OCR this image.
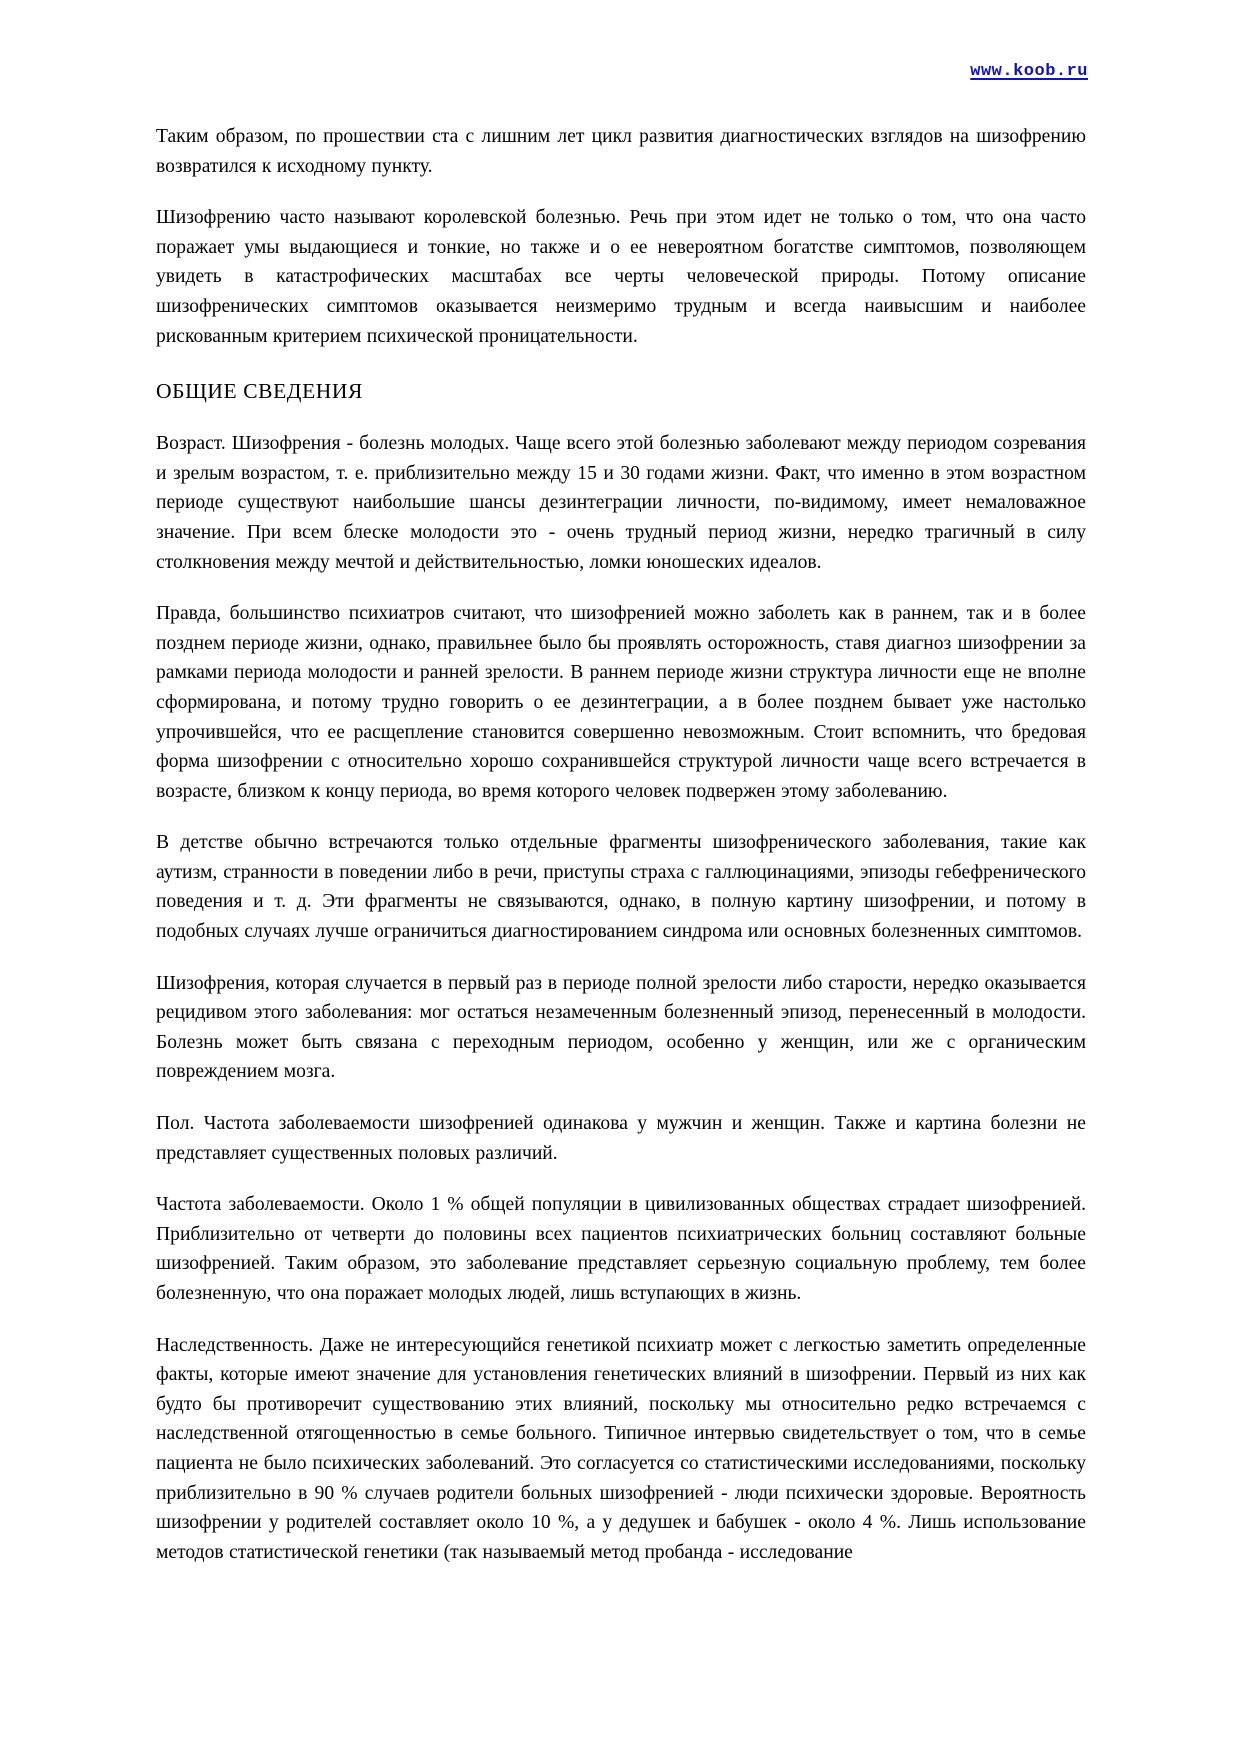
www.koob.ru

Таким образом, по прошествии ста с лишним лет цикл развития диагностических взглядов на шизофрению возвратился к исходному пункту.

Шизофрению часто называют королевской болезнью. Речь при этом идет не только о том, что она часто поражает умы выдающиеся и тонкие, но также и о ее невероятном богатстве симптомов, позволяющем увидеть в катастрофических масштабах все черты человеческой природы. Потому описание шизофренических симптомов оказывается неизмеримо трудным и всегда наивысшим и наиболее рискованным критерием психической проницательности.

ОБЩИЕ СВЕДЕНИЯ

Возраст. Шизофрения - болезнь молодых. Чаще всего этой болезнью заболевают между периодом созревания и зрелым возрастом, т. е. приблизительно между 15 и 30 годами жизни. Факт, что именно в этом возрастном периоде существуют наибольшие шансы дезинтеграции личности, по-видимому, имеет немаловажное значение. При всем блеске молодости это - очень трудный период жизни, нередко трагичный в силу столкновения между мечтой и действительностью, ломки юношеских идеалов.

Правда, большинство психиатров считают, что шизофренией можно заболеть как в раннем, так и в более позднем периоде жизни, однако, правильнее было бы проявлять осторожность, ставя диагноз шизофрении за рамками периода молодости и ранней зрелости. В раннем периоде жизни структура личности еще не вполне сформирована, и потому трудно говорить о ее дезинтеграции, а в более позднем бывает уже настолько упрочившейся, что ее расщепление становится совершенно невозможным. Стоит вспомнить, что бредовая форма шизофрении с относительно хорошо сохранившейся структурой личности чаще всего встречается в возрасте, близком к концу периода, во время которого человек подвержен этому заболеванию.

В детстве обычно встречаются только отдельные фрагменты шизофренического заболевания, такие как аутизм, странности в поведении либо в речи, приступы страха с галлюцинациями, эпизоды гебефренического поведения и т. д. Эти фрагменты не связываются, однако, в полную картину шизофрении, и потому в подобных случаях лучше ограничиться диагностированием синдрома или основных болезненных симптомов.

Шизофрения, которая случается в первый раз в периоде полной зрелости либо старости, нередко оказывается рецидивом этого заболевания: мог остаться незамеченным болезненный эпизод, перенесенный в молодости. Болезнь может быть связана с переходным периодом, особенно у женщин, или же с органическим повреждением мозга.

Пол. Частота заболеваемости шизофренией одинакова у мужчин и женщин. Также и картина болезни не представляет существенных половых различий.

Частота заболеваемости. Около 1 % общей популяции в цивилизованных обществах страдает шизофренией. Приблизительно от четверти до половины всех пациентов психиатрических больниц составляют больные шизофренией. Таким образом, это заболевание представляет серьезную социальную проблему, тем более болезненную, что она поражает молодых людей, лишь вступающих в жизнь.

Наследственность. Даже не интересующийся генетикой психиатр может с легкостью заметить определенные факты, которые имеют значение для установления генетических влияний в шизофрении. Первый из них как будто бы противоречит существованию этих влияний, поскольку мы относительно редко встречаемся с наследственной отягощенностью в семье больного. Типичное интервью свидетельствует о том, что в семье пациента не было психических заболеваний. Это согласуется со статистическими исследованиями, поскольку приблизительно в 90 % случаев родители больных шизофренией - люди психически здоровые. Вероятность шизофрении у родителей составляет около 10 %, а у дедушек и бабушек - около 4 %. Лишь использование методов статистической генетики (так называемый метод пробанда - исследование
